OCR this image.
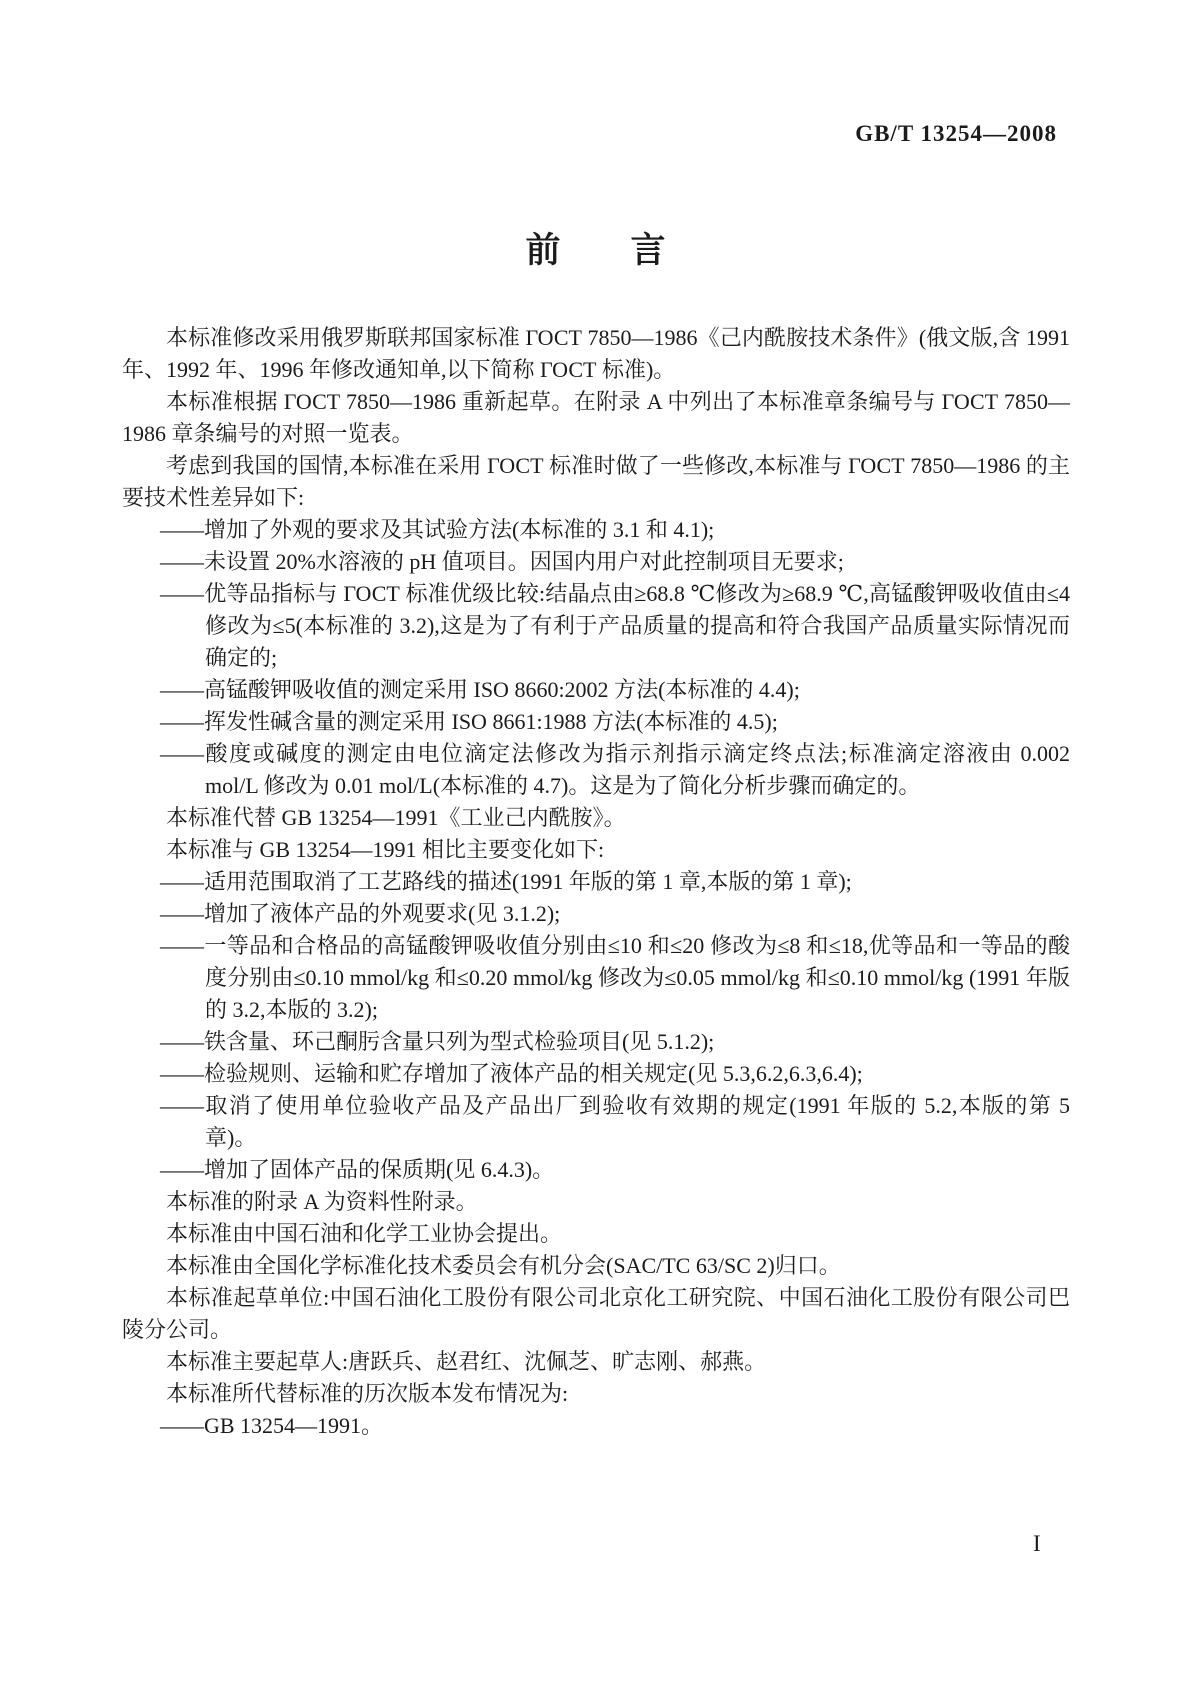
GB/T 13254—2008
前　　言

本标准修改采用俄罗斯联邦国家标准 ГОСТ 7850—1986《己内酰胺技术条件》(俄文版,含 1991 年、1992 年、1996 年修改通知单,以下简称 ГОСТ 标准)。

本标准根据 ГОСТ 7850—1986 重新起草。在附录 A 中列出了本标准章条编号与 ГОСТ 7850—1986 章条编号的对照一览表。

考虑到我国的国情,本标准在采用 ГОСТ 标准时做了一些修改,本标准与 ГОСТ 7850—1986 的主要技术性差异如下:

——增加了外观的要求及其试验方法(本标准的 3.1 和 4.1);

——未设置 20%水溶液的 pH 值项目。因国内用户对此控制项目无要求;

——优等品指标与 ГОСТ 标准优级比较:结晶点由≥68.8 ℃修改为≥68.9 ℃,高锰酸钾吸收值由≤4 修改为≤5(本标准的 3.2),这是为了有利于产品质量的提高和符合我国产品质量实际情况而确定的;

——高锰酸钾吸收值的测定采用 ISO 8660:2002 方法(本标准的 4.4);

——挥发性碱含量的测定采用 ISO 8661:1988 方法(本标准的 4.5);

——酸度或碱度的测定由电位滴定法修改为指示剂指示滴定终点法;标准滴定溶液由 0.002 mol/L 修改为 0.01 mol/L(本标准的 4.7)。这是为了简化分析步骤而确定的。

本标准代替 GB 13254—1991《工业己内酰胺》。

本标准与 GB 13254—1991 相比主要变化如下:

——适用范围取消了工艺路线的描述(1991 年版的第 1 章,本版的第 1 章);

——增加了液体产品的外观要求(见 3.1.2);

——一等品和合格品的高锰酸钾吸收值分别由≤10 和≤20 修改为≤8 和≤18,优等品和一等品的酸度分别由≤0.10 mmol/kg 和≤0.20 mmol/kg 修改为≤0.05 mmol/kg 和≤0.10 mmol/kg (1991 年版的 3.2,本版的 3.2);

——铁含量、环己酮肟含量只列为型式检验项目(见 5.1.2);

——检验规则、运输和贮存增加了液体产品的相关规定(见 5.3,6.2,6.3,6.4);

——取消了使用单位验收产品及产品出厂到验收有效期的规定(1991 年版的 5.2,本版的第 5 章)。

——增加了固体产品的保质期(见 6.4.3)。

本标准的附录 A 为资料性附录。

本标准由中国石油和化学工业协会提出。

本标准由全国化学标准化技术委员会有机分会(SAC/TC 63/SC 2)归口。

本标准起草单位:中国石油化工股份有限公司北京化工研究院、中国石油化工股份有限公司巴陵分公司。

本标准主要起草人:唐跃兵、赵君红、沈佩芝、旷志刚、郝燕。

本标准所代替标准的历次版本发布情况为:

——GB 13254—1991。

I
